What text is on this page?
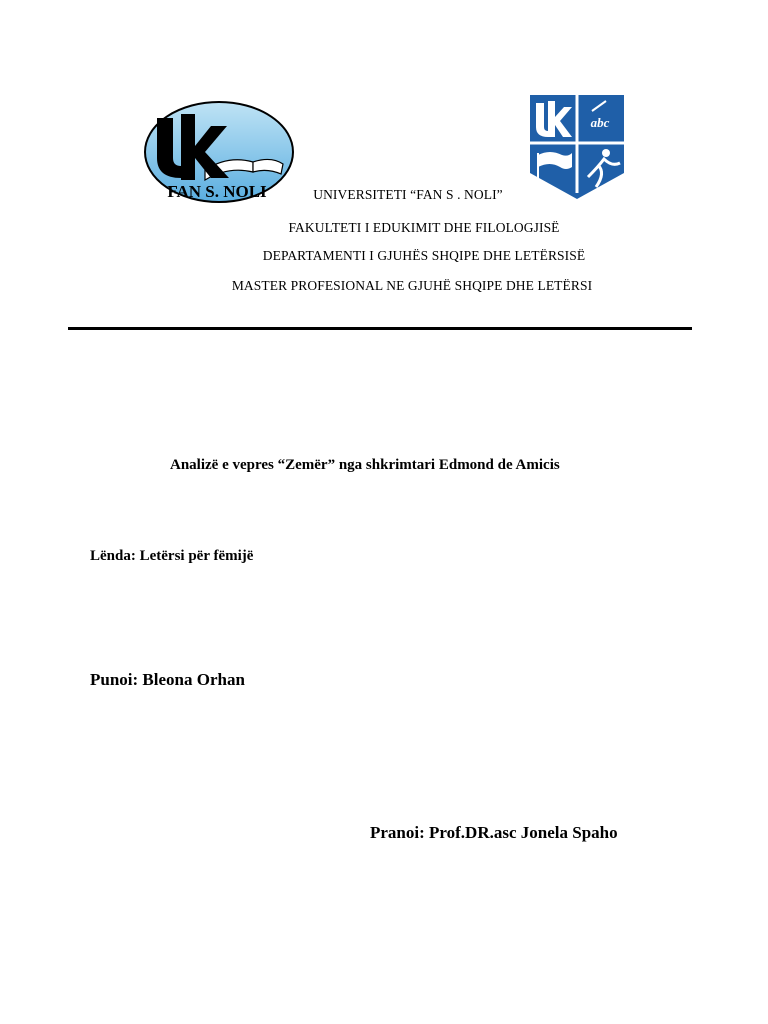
FAN S. NOLI
abc
UNIVERSITETI “FAN S . NOLI”
FAKULTETI I EDUKIMIT DHE FILOLOGJISË
DEPARTAMENTI I GJUHËS SHQIPE DHE LETËRSISË
MASTER PROFESIONAL NE GJUHË SHQIPE DHE LETËRSI
Analizë e vepres “Zemër” nga shkrimtari Edmond de Amicis
Lënda: Letërsi për fëmijë
Punoi: Bleona Orhan
Pranoi: Prof.DR.asc Jonela Spaho
